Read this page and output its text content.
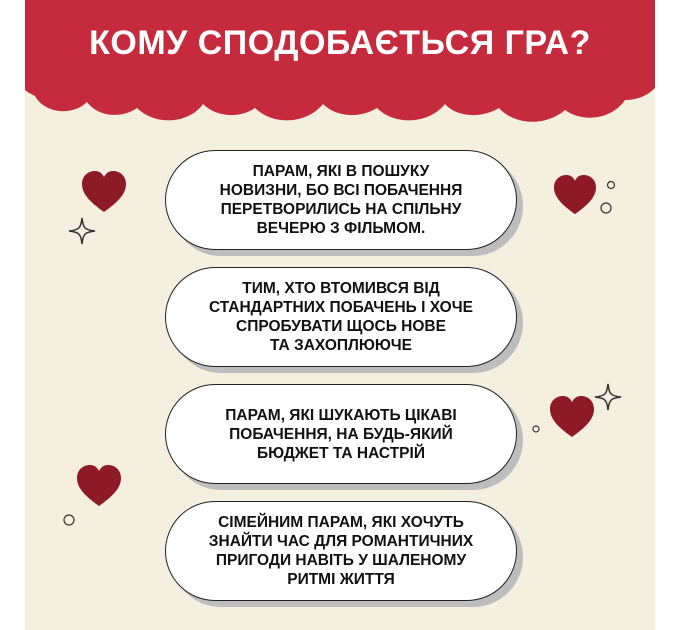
КОМУ СПОДОБАЄТЬСЯ ГРА?
ПАРАМ, ЯКІ В ПОШУКУ
НОВИЗНИ, БО ВСІ ПОБАЧЕННЯ
ПЕРЕТВОРИЛИСЬ НА СПІЛЬНУ
ВЕЧЕРЮ З ФІЛЬМОМ.
ТИМ, ХТО ВТОМИВСЯ ВІД
СТАНДАРТНИХ ПОБАЧЕНЬ І ХОЧЕ
СПРОБУВАТИ ЩОСЬ НОВЕ
ТА ЗАХОПЛЮЮЧЕ
ПАРАМ, ЯКІ ШУКАЮТЬ ЦІКАВІ
ПОБАЧЕННЯ, НА БУДЬ-ЯКИЙ
БЮДЖЕТ ТА НАСТРІЙ
СІМЕЙНИМ ПАРАМ, ЯКІ ХОЧУТЬ
ЗНАЙТИ ЧАС ДЛЯ РОМАНТИЧНИХ
ПРИГОДИ НАВІТЬ У ШАЛЕНОМУ
РИТМІ ЖИТТЯ
